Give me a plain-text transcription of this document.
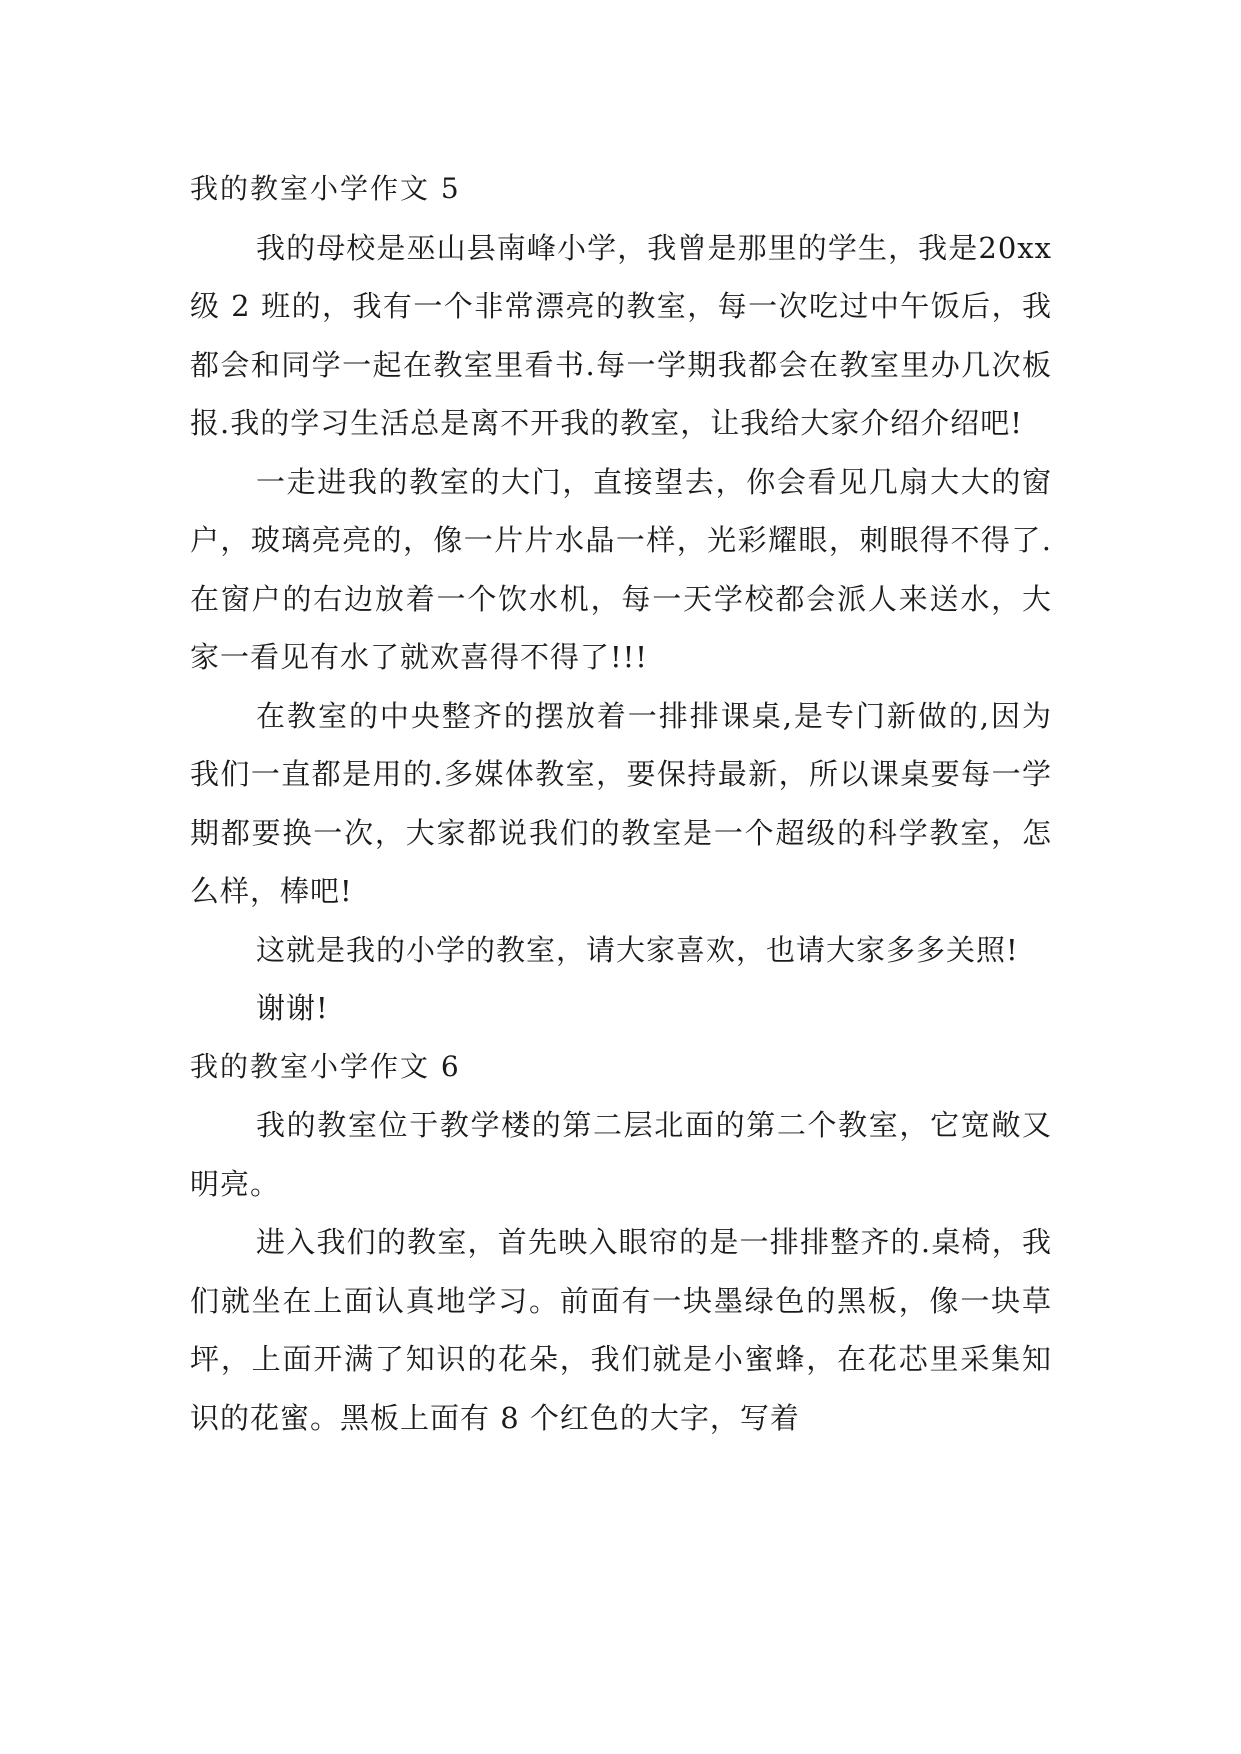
我的教室小学作文 5

我的母校是巫山县南峰小学，我曾是那里的学生，我是20xx 级 2 班的，我有一个非常漂亮的教室，每一次吃过中午饭后，我都会和同学一起在教室里看书.每一学期我都会在教室里办几次板报.我的学习生活总是离不开我的教室，让我给大家介绍介绍吧!

一走进我的教室的大门，直接望去，你会看见几扇大大的窗户，玻璃亮亮的，像一片片水晶一样，光彩耀眼，刺眼得不得了.在窗户的右边放着一个饮水机，每一天学校都会派人来送水，大家一看见有水了就欢喜得不得了!!!

在教室的中央整齐的摆放着一排排课桌,是专门新做的,因为我们一直都是用的.多媒体教室，要保持最新，所以课桌要每一学期都要换一次，大家都说我们的教室是一个超级的科学教室，怎么样，棒吧!

这就是我的小学的教室，请大家喜欢，也请大家多多关照!

谢谢!

我的教室小学作文 6

我的教室位于教学楼的第二层北面的第二个教室，它宽敞又明亮。

进入我们的教室，首先映入眼帘的是一排排整齐的.桌椅，我们就坐在上面认真地学习。前面有一块墨绿色的黑板，像一块草坪，上面开满了知识的花朵，我们就是小蜜蜂，在花芯里采集知识的花蜜。黑板上面有 8 个红色的大字，写着
